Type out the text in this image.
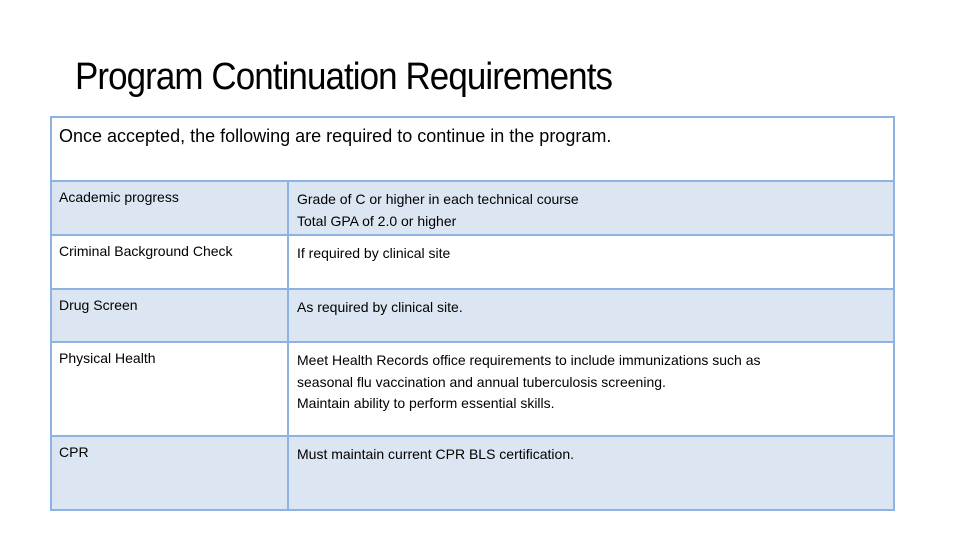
Program Continuation Requirements
Once accepted, the following are required to continue in the program.
Academic progress	Grade of C or higher in each technical course
Total GPA of 2.0 or higher
Criminal Background Check	If required by clinical site
Drug Screen	As required by clinical site.
Physical Health	Meet Health Records office requirements to include immunizations such as
seasonal flu vaccination and annual tuberculosis screening.
Maintain ability to perform essential skills.
CPR	Must maintain current CPR BLS certification.
